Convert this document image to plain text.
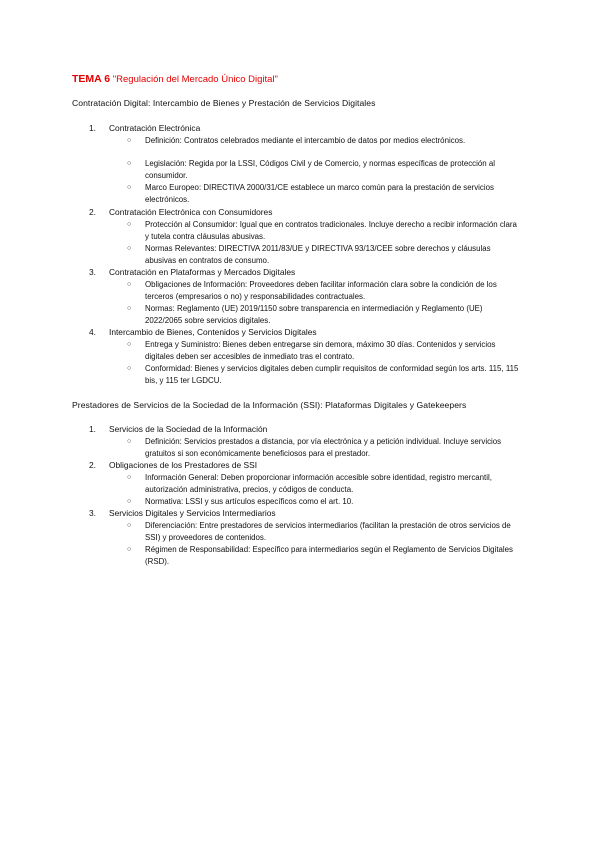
TEMA 6 "Regulación del Mercado Único Digital"
Contratación Digital: Intercambio de Bienes y Prestación de Servicios Digitales
1. Contratación Electrónica
○ Definición: Contratos celebrados mediante el intercambio de datos por medios electrónicos.
○ Legislación: Regida por la LSSI, Códigos Civil y de Comercio, y normas específicas de protección al consumidor.
○ Marco Europeo: DIRECTIVA 2000/31/CE establece un marco común para la prestación de servicios electrónicos.
2. Contratación Electrónica con Consumidores
○ Protección al Consumidor: Igual que en contratos tradicionales. Incluye derecho a recibir información clara y tutela contra cláusulas abusivas.
○ Normas Relevantes: DIRECTIVA 2011/83/UE y DIRECTIVA 93/13/CEE sobre derechos y cláusulas abusivas en contratos de consumo.
3. Contratación en Plataformas y Mercados Digitales
○ Obligaciones de Información: Proveedores deben facilitar información clara sobre la condición de los terceros (empresarios o no) y responsabilidades contractuales.
○ Normas: Reglamento (UE) 2019/1150 sobre transparencia en intermediación y Reglamento (UE) 2022/2065 sobre servicios digitales.
4. Intercambio de Bienes, Contenidos y Servicios Digitales
○ Entrega y Suministro: Bienes deben entregarse sin demora, máximo 30 días. Contenidos y servicios digitales deben ser accesibles de inmediato tras el contrato.
○ Conformidad: Bienes y servicios digitales deben cumplir requisitos de conformidad según los arts. 115, 115 bis, y 115 ter LGDCU.
Prestadores de Servicios de la Sociedad de la Información (SSI): Plataformas Digitales y Gatekeepers
1. Servicios de la Sociedad de la Información
○ Definición: Servicios prestados a distancia, por vía electrónica y a petición individual. Incluye servicios gratuitos si son económicamente beneficiosos para el prestador.
2. Obligaciones de los Prestadores de SSI
○ Información General: Deben proporcionar información accesible sobre identidad, registro mercantil, autorización administrativa, precios, y códigos de conducta.
○ Normativa: LSSI y sus artículos específicos como el art. 10.
3. Servicios Digitales y Servicios Intermediarios
○ Diferenciación: Entre prestadores de servicios intermediarios (facilitan la prestación de otros servicios de SSI) y proveedores de contenidos.
○ Régimen de Responsabilidad: Específico para intermediarios según el Reglamento de Servicios Digitales (RSD).
